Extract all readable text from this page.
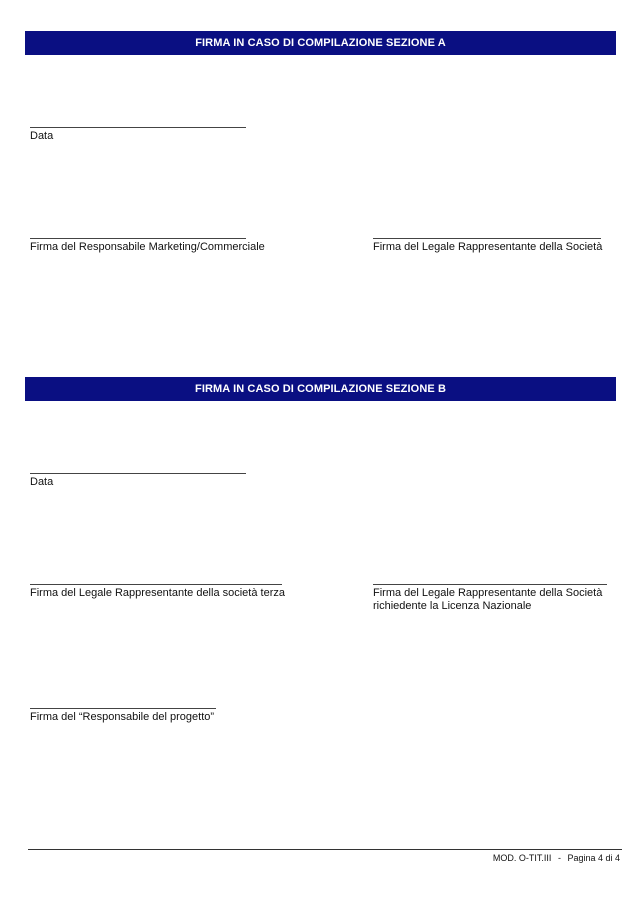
FIRMA IN CASO DI COMPILAZIONE SEZIONE A
Data
Firma del Responsabile Marketing/Commerciale	Firma del Legale Rappresentante della Società
FIRMA IN CASO DI COMPILAZIONE SEZIONE B
Data
Firma del Legale Rappresentante della società terza	Firma del Legale Rappresentante della Società
richiedente la Licenza Nazionale
Firma del “Responsabile del progetto”
MOD. O-TIT.III - Pagina 4 di 4
